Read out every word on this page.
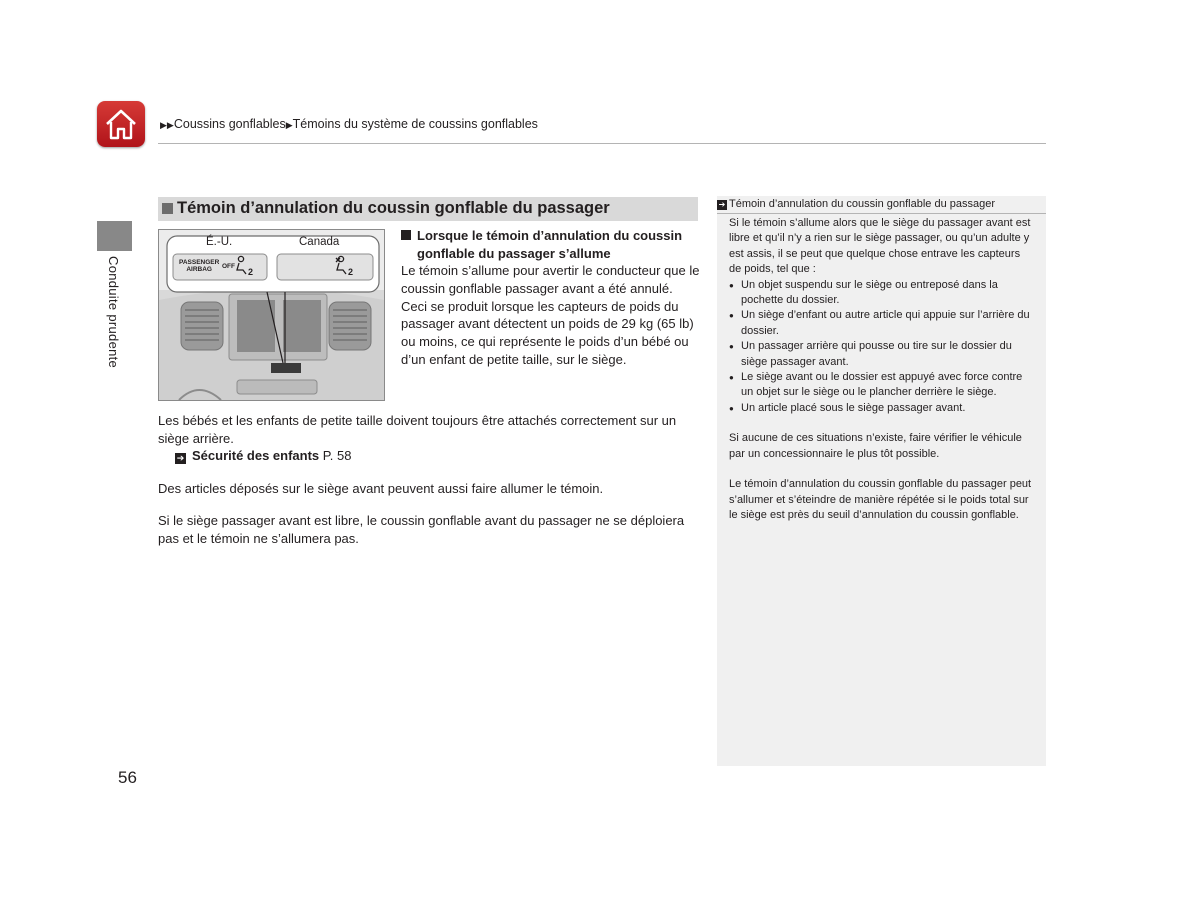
▶▶Coussins gonflables▶Témoins du système de coussins gonflables
Conduite prudente
Témoin d’annulation du coussin gonflable du passager
2	2
É.-U.	Canada
PASSENGER
AIRBAG	OFF
Lorsque le témoin d’annulation du coussin
gonflable du passager s’allume
Le témoin s’allume pour avertir le conducteur que le coussin gonflable passager avant a été annulé. Ceci se produit lorsque les capteurs de poids du passager avant détectent un poids de 29 kg (65 lb) ou moins, ce qui représente le poids d’un bébé ou d’un enfant de petite taille, sur le siège.
Les bébés et les enfants de petite taille doivent toujours être attachés correctement sur un siège arrière.
➔ Sécurité des enfants P. 58
Des articles déposés sur le siège avant peuvent aussi faire allumer le témoin.
Si le siège passager avant est libre, le coussin gonflable avant du passager ne se déploiera pas et le témoin ne s’allumera pas.
➔ Témoin d’annulation du coussin gonflable du passager

Si le témoin s’allume alors que le siège du passager avant est libre et qu’il n’y a rien sur le siège passager, ou qu’un adulte y est assis, il se peut que quelque chose entrave les capteurs de poids, tel que :

● Un objet suspendu sur le siège ou entreposé dans la pochette du dossier.
● Un siège d’enfant ou autre article qui appuie sur l’arrière du dossier.
● Un passager arrière qui pousse ou tire sur le dossier du siège passager avant.
● Le siège avant ou le dossier est appuyé avec force contre un objet sur le siège ou le plancher derrière le siège.
● Un article placé sous le siège passager avant.

Si aucune de ces situations n’existe, faire vérifier le véhicule par un concessionnaire le plus tôt possible.

Le témoin d’annulation du coussin gonflable du passager peut s’allumer et s’éteindre de manière répétée si le poids total sur le siège est près du seuil d’annulation du coussin gonflable.

56
